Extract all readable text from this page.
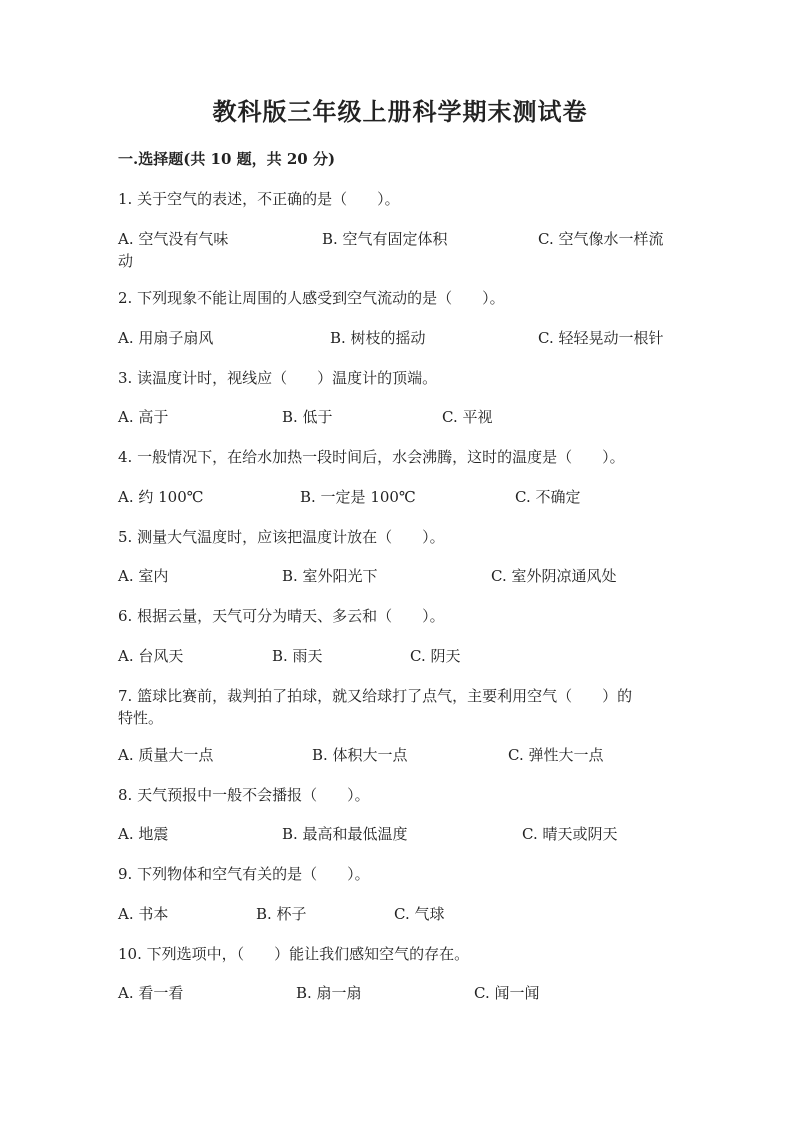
教科版三年级上册科学期末测试卷
一.选择题(共 10 题，共 20 分)
1. 关于空气的表述，不正确的是（　　）。
A. 空气没有气味	B. 空气有固定体积	C. 空气像水一样流
动
2. 下列现象不能让周围的人感受到空气流动的是（　　）。
A. 用扇子扇风	B. 树枝的摇动	C. 轻轻晃动一根针
3. 读温度计时，视线应（　　）温度计的顶端。
A. 高于	B. 低于	C. 平视
4. 一般情况下，在给水加热一段时间后，水会沸腾，这时的温度是（　　）。
A. 约 100℃	B. 一定是 100℃	C. 不确定
5. 测量大气温度时，应该把温度计放在（　　）。
A. 室内	B. 室外阳光下	C. 室外阴凉通风处
6. 根据云量，天气可分为晴天、多云和（　　）。
A. 台风天	B. 雨天	C. 阴天
7. 篮球比赛前，裁判拍了拍球，就又给球打了点气，主要利用空气（　　）的
特性。
A. 质量大一点	B. 体积大一点	C. 弹性大一点
8. 天气预报中一般不会播报（　　）。
A. 地震	B. 最高和最低温度	C. 晴天或阴天
9. 下列物体和空气有关的是（　　）。
A. 书本	B. 杯子	C. 气球
10. 下列选项中，（　　）能让我们感知空气的存在。
A. 看一看	B. 扇一扇	C. 闻一闻
